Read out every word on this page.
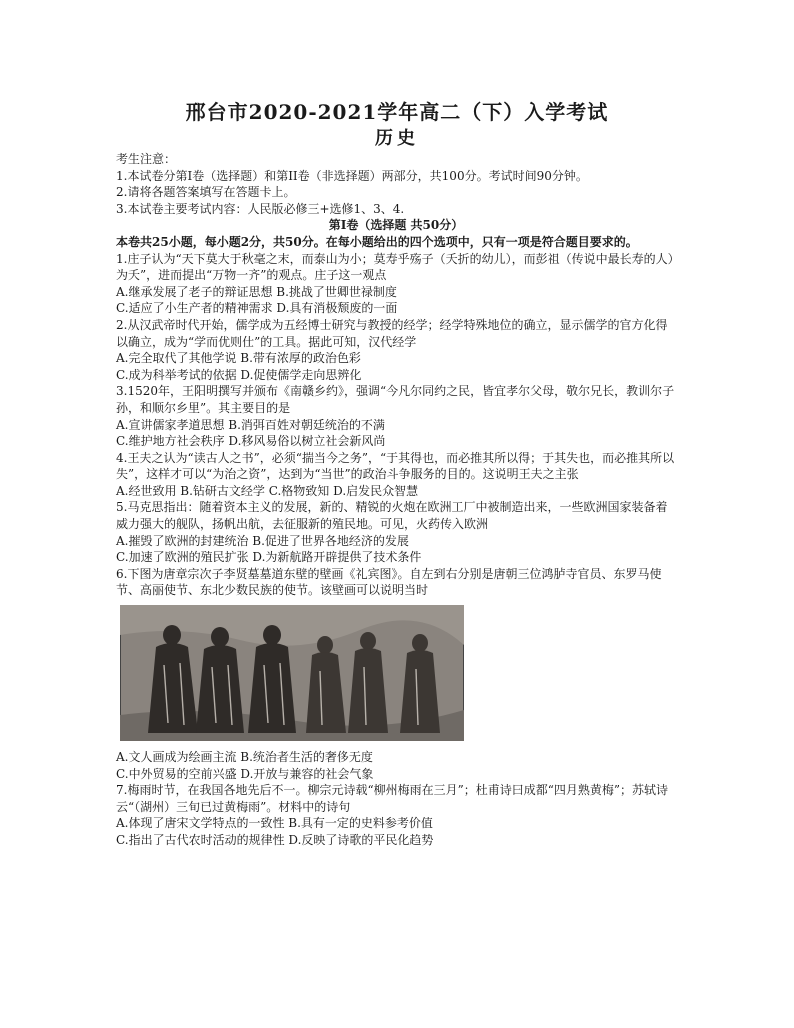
邢台市2020-2021学年高二（下）入学考试
历史

考生注意：

1.本试卷分第I卷（选择题）和第II卷（非选择题）两部分，共100分。考试时间90分钟。

2.请将各题答案填写在答题卡上。

3.本试卷主要考试内容：人民版必修三+选修1、3、4.

第I卷（选择题 共50分）

本卷共25小题，每小题2分，共50分。在每小题给出的四个选项中，只有一项是符合题目要求的。

1.庄子认为“天下莫大于秋毫之末，而泰山为小；莫寿乎殇子（夭折的幼儿），而彭祖（传说中最长寿的人）为夭”，进而提出“万物一齐”的观点。庄子这一观点

A.继承发展了老子的辩证思想 B.挑战了世卿世禄制度

C.适应了小生产者的精神需求 D.具有消极颓废的一面

2.从汉武帝时代开始，儒学成为五经博士研究与教授的经学；经学特殊地位的确立，显示儒学的官方化得以确立，成为“学而优则仕”的工具。据此可知，汉代经学

A.完全取代了其他学说 B.带有浓厚的政治色彩

C.成为科举考试的依据 D.促使儒学走向思辨化

3.1520年，王阳明撰写并颁布《南赣乡约》，强调“今凡尔同约之民，皆宜孝尔父母，敬尔兄长，教训尔子孙，和顺尔乡里”。其主要目的是

A.宣讲儒家孝道思想 B.消弭百姓对朝廷统治的不满

C.维护地方社会秩序 D.移风易俗以树立社会新风尚

4.王夫之认为“读古人之书”，必须“揣当今之务”，“于其得也，而必推其所以得；于其失也，而必推其所以失”，这样才可以“为治之资”，达到为“当世”的政治斗争服务的目的。这说明王夫之主张

A.经世致用 B.钻研古文经学 C.格物致知 D.启发民众智慧

5.马克思指出：随着资本主义的发展，新的、精锐的火炮在欧洲工厂中被制造出来，一些欧洲国家装备着威力强大的舰队，扬帆出航，去征服新的殖民地。可见，火药传入欧洲

A.摧毁了欧洲的封建统治 B.促进了世界各地经济的发展

C.加速了欧洲的殖民扩张 D.为新航路开辟提供了技术条件

6.下图为唐章宗次子李贤墓墓道东壁的壁画《礼宾图》。自左到右分别是唐朝三位鸿胪寺官员、东罗马使节、高丽使节、东北少数民族的使节。该壁画可以说明当时

A.文人画成为绘画主流 B.统治者生活的奢侈无度

C.中外贸易的空前兴盛 D.开放与兼容的社会气象

7.梅雨时节，在我国各地先后不一。柳宗元诗载“柳州梅雨在三月”；杜甫诗曰成都“四月熟黄梅”；苏轼诗云“（湖州）三旬已过黄梅雨”。材料中的诗句

A.体现了唐宋文学特点的一致性 B.具有一定的史料参考价值

C.指出了古代农时活动的规律性 D.反映了诗歌的平民化趋势
